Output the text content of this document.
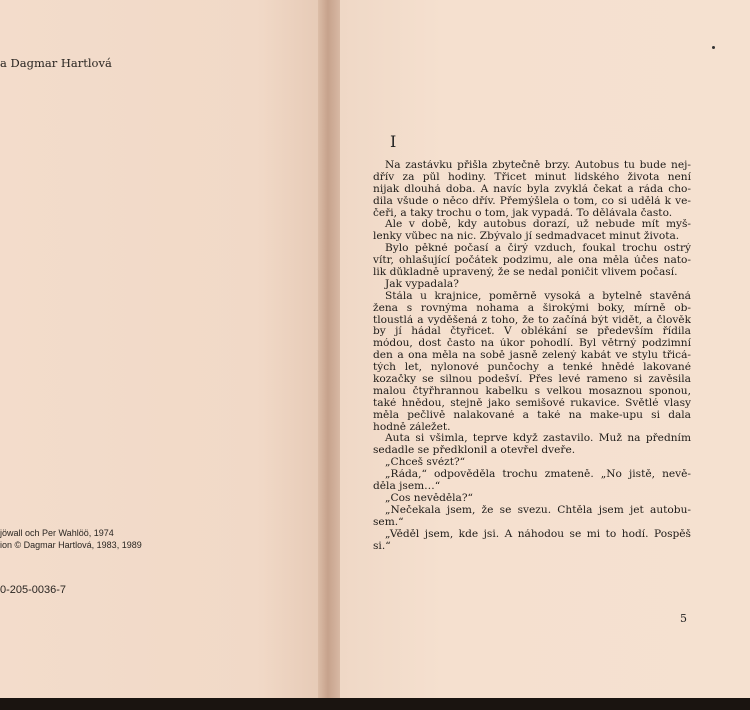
a Dagmar Hartlová
jöwall och Per Wahlöö, 1974
ion © Dagmar Hartlová, 1983, 1989
0-205-0036-7
I
Na zastávku přišla zbytečně brzy. Autobus tu bude nej-
dřív za půl hodiny. Třicet minut lidského života není
nijak dlouhá doba. A navíc byla zvyklá čekat a ráda cho-
dila všude o něco dřív. Přemýšlela o tom, co si udělá k ve-
čeři, a taky trochu o tom, jak vypadá. To dělávala často.
Ale v době, kdy autobus dorazí, už nebude mít myš-
lenky vůbec na nic. Zbývalo jí sedmadvacet minut života.
Bylo pěkné počasí a čirý vzduch, foukal trochu ostrý
vítr, ohlašující počátek podzimu, ale ona měla účes nato-
lik důkladně upravený, že se nedal poničit vlivem počasí.
Jak vypadala?
Stála u krajnice, poměrně vysoká a bytelně stavěná
žena s rovnýma nohama a širokými boky, mírně ob-
tloustlá a vyděšená z toho, že to začíná být vidět, a člověk
by jí hádal čtyřicet. V oblékání se především řídila
módou, dost často na úkor pohodlí. Byl větrný podzimní
den a ona měla na sobě jasně zelený kabát ve stylu třicá-
tých let, nylonové punčochy a tenké hnědé lakované
kozačky se silnou podešví. Přes levé rameno si zavěsila
malou čtyřhrannou kabelku s velkou mosaznou sponou,
také hnědou, stejně jako semišové rukavice. Světlé vlasy
měla pečlivě nalakované a také na make-upu si dala
hodně záležet.
Auta si všimla, teprve když zastavilo. Muž na předním
sedadle se předklonil a otevřel dveře.
„Chceš svézt?“
„Ráda,“ odpověděla trochu zmateně. „No jistě, nevě-
děla jsem…“
„Cos nevěděla?“
„Nečekala jsem, že se svezu. Chtěla jsem jet autobu-
sem.“
„Věděl jsem, kde jsi. A náhodou se mi to hodí. Pospěš
si.“
5
